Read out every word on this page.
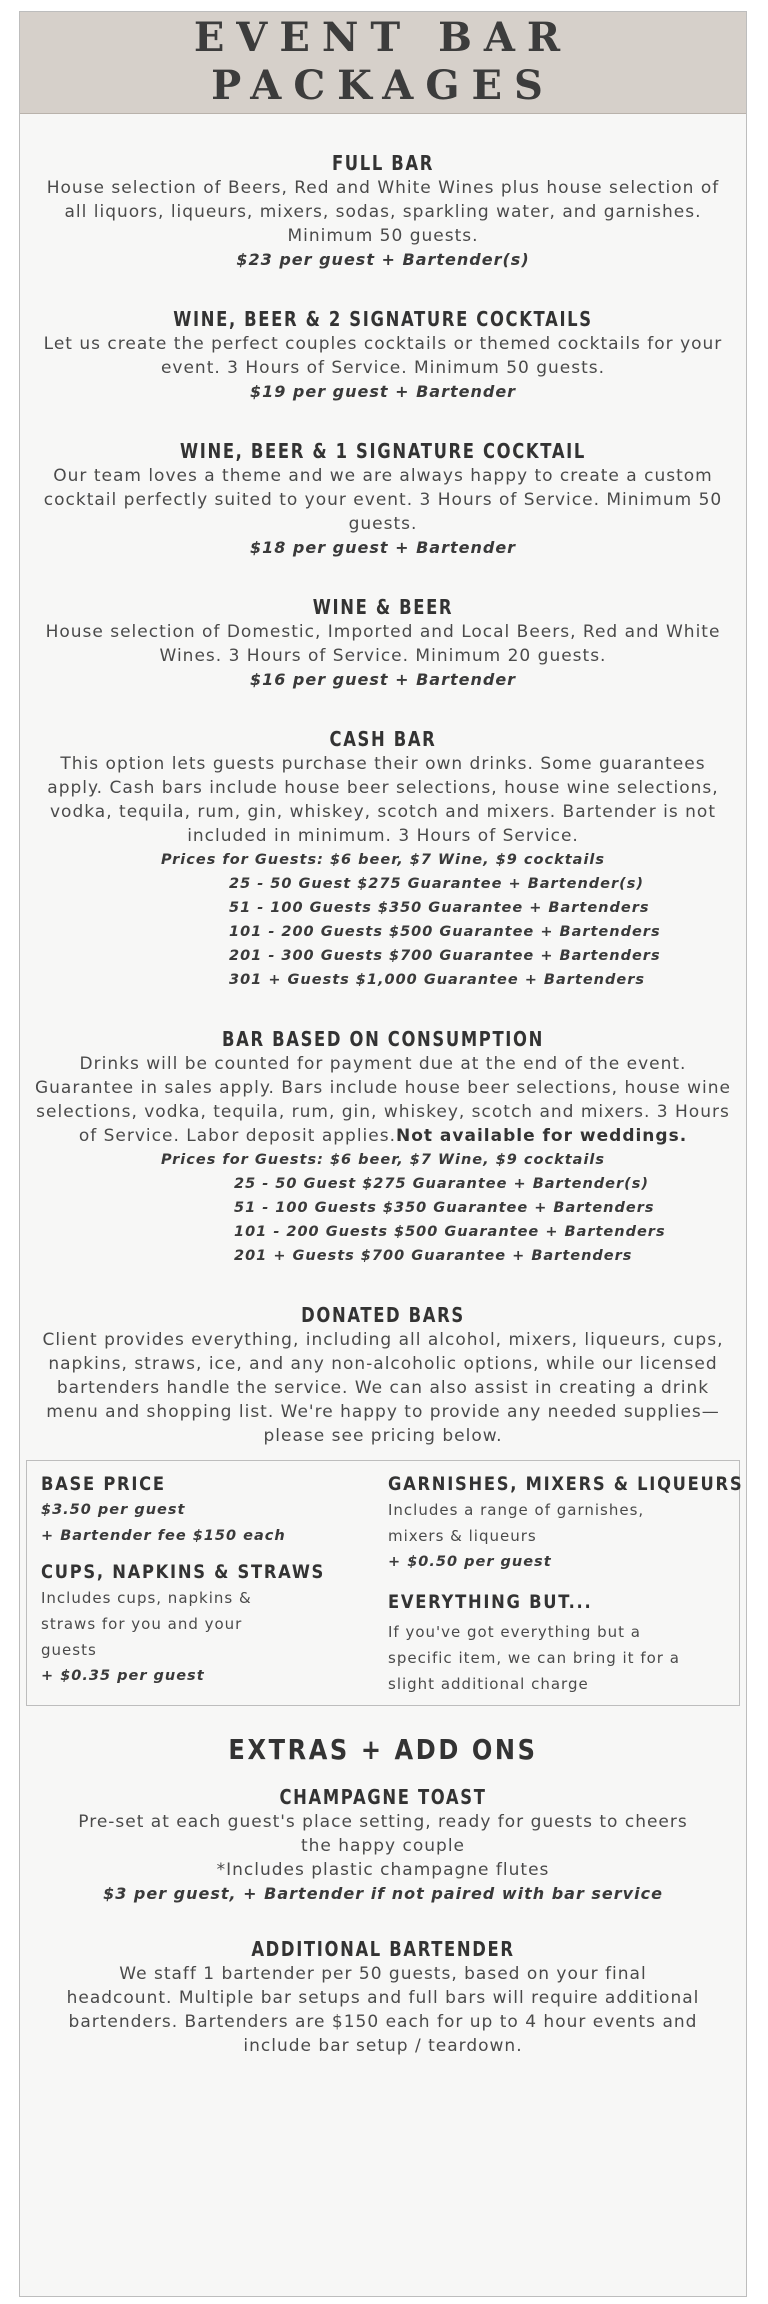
EVENT BAR
PACKAGES
FULL BAR

House selection of Beers, Red and White Wines plus house selection of all liquors, liqueurs, mixers, sodas, sparkling water, and garnishes. Minimum 50 guests.

$23 per guest + Bartender(s)

WINE, BEER & 2 SIGNATURE COCKTAILS

Let us create the perfect couples cocktails or themed cocktails for your event. 3 Hours of Service. Minimum 50 guests.

$19 per guest + Bartender

WINE, BEER & 1 SIGNATURE COCKTAIL

Our team loves a theme and we are always happy to create a custom cocktail perfectly suited to your event. 3 Hours of Service. Minimum 50 guests.

$18 per guest + Bartender

WINE & BEER

House selection of Domestic, Imported and Local Beers, Red and White Wines. 3 Hours of Service. Minimum 20 guests.

$16 per guest + Bartender

CASH BAR

This option lets guests purchase their own drinks. Some guarantees apply. Cash bars include house beer selections, house wine selections, vodka, tequila, rum, gin, whiskey, scotch and mixers. Bartender is not included in minimum. 3 Hours of Service.

Prices for Guests: $6 beer, $7 Wine, $9 cocktails
25 - 50 Guest $275 Guarantee + Bartender(s)
51 - 100 Guests $350 Guarantee + Bartenders
101 - 200 Guests $500 Guarantee + Bartenders
201 - 300 Guests $700 Guarantee + Bartenders
301 + Guests $1,000 Guarantee + Bartenders
BAR BASED ON CONSUMPTION

Drinks will be counted for payment due at the end of the event. Guarantee in sales apply. Bars include house beer selections, house wine selections, vodka, tequila, rum, gin, whiskey, scotch and mixers. 3 Hours of Service. Labor deposit applies.Not available for weddings.

Prices for Guests: $6 beer, $7 Wine, $9 cocktails
25 - 50 Guest $275 Guarantee + Bartender(s)
51 - 100 Guests $350 Guarantee + Bartenders
101 - 200 Guests $500 Guarantee + Bartenders
201 + Guests $700 Guarantee + Bartenders
DONATED BARS

Client provides everything, including all alcohol, mixers, liqueurs, cups, napkins, straws, ice, and any non-alcoholic options, while our licensed bartenders handle the service. We can also assist in creating a drink menu and shopping list. We're happy to provide any needed supplies—please see pricing below.

BASE PRICE

$3.50 per guest

+ Bartender fee $150 each

CUPS, NAPKINS & STRAWS

Includes cups, napkins & straws for you and your guests

+ $0.35 per guest

GARNISHES, MIXERS & LIQUEURS

Includes a range of garnishes, mixers & liqueurs

+ $0.50 per guest

EVERYTHING BUT...

If you've got everything but a specific item, we can bring it for a slight additional charge

EXTRAS + ADD ONS
CHAMPAGNE TOAST

Pre-set at each guest's place setting, ready for guests to cheers the happy couple

*Includes plastic champagne flutes

$3 per guest, + Bartender if not paired with bar service

ADDITIONAL BARTENDER

We staff 1 bartender per 50 guests, based on your final headcount. Multiple bar setups and full bars will require additional bartenders. Bartenders are $150 each for up to 4 hour events and include bar setup / teardown.
